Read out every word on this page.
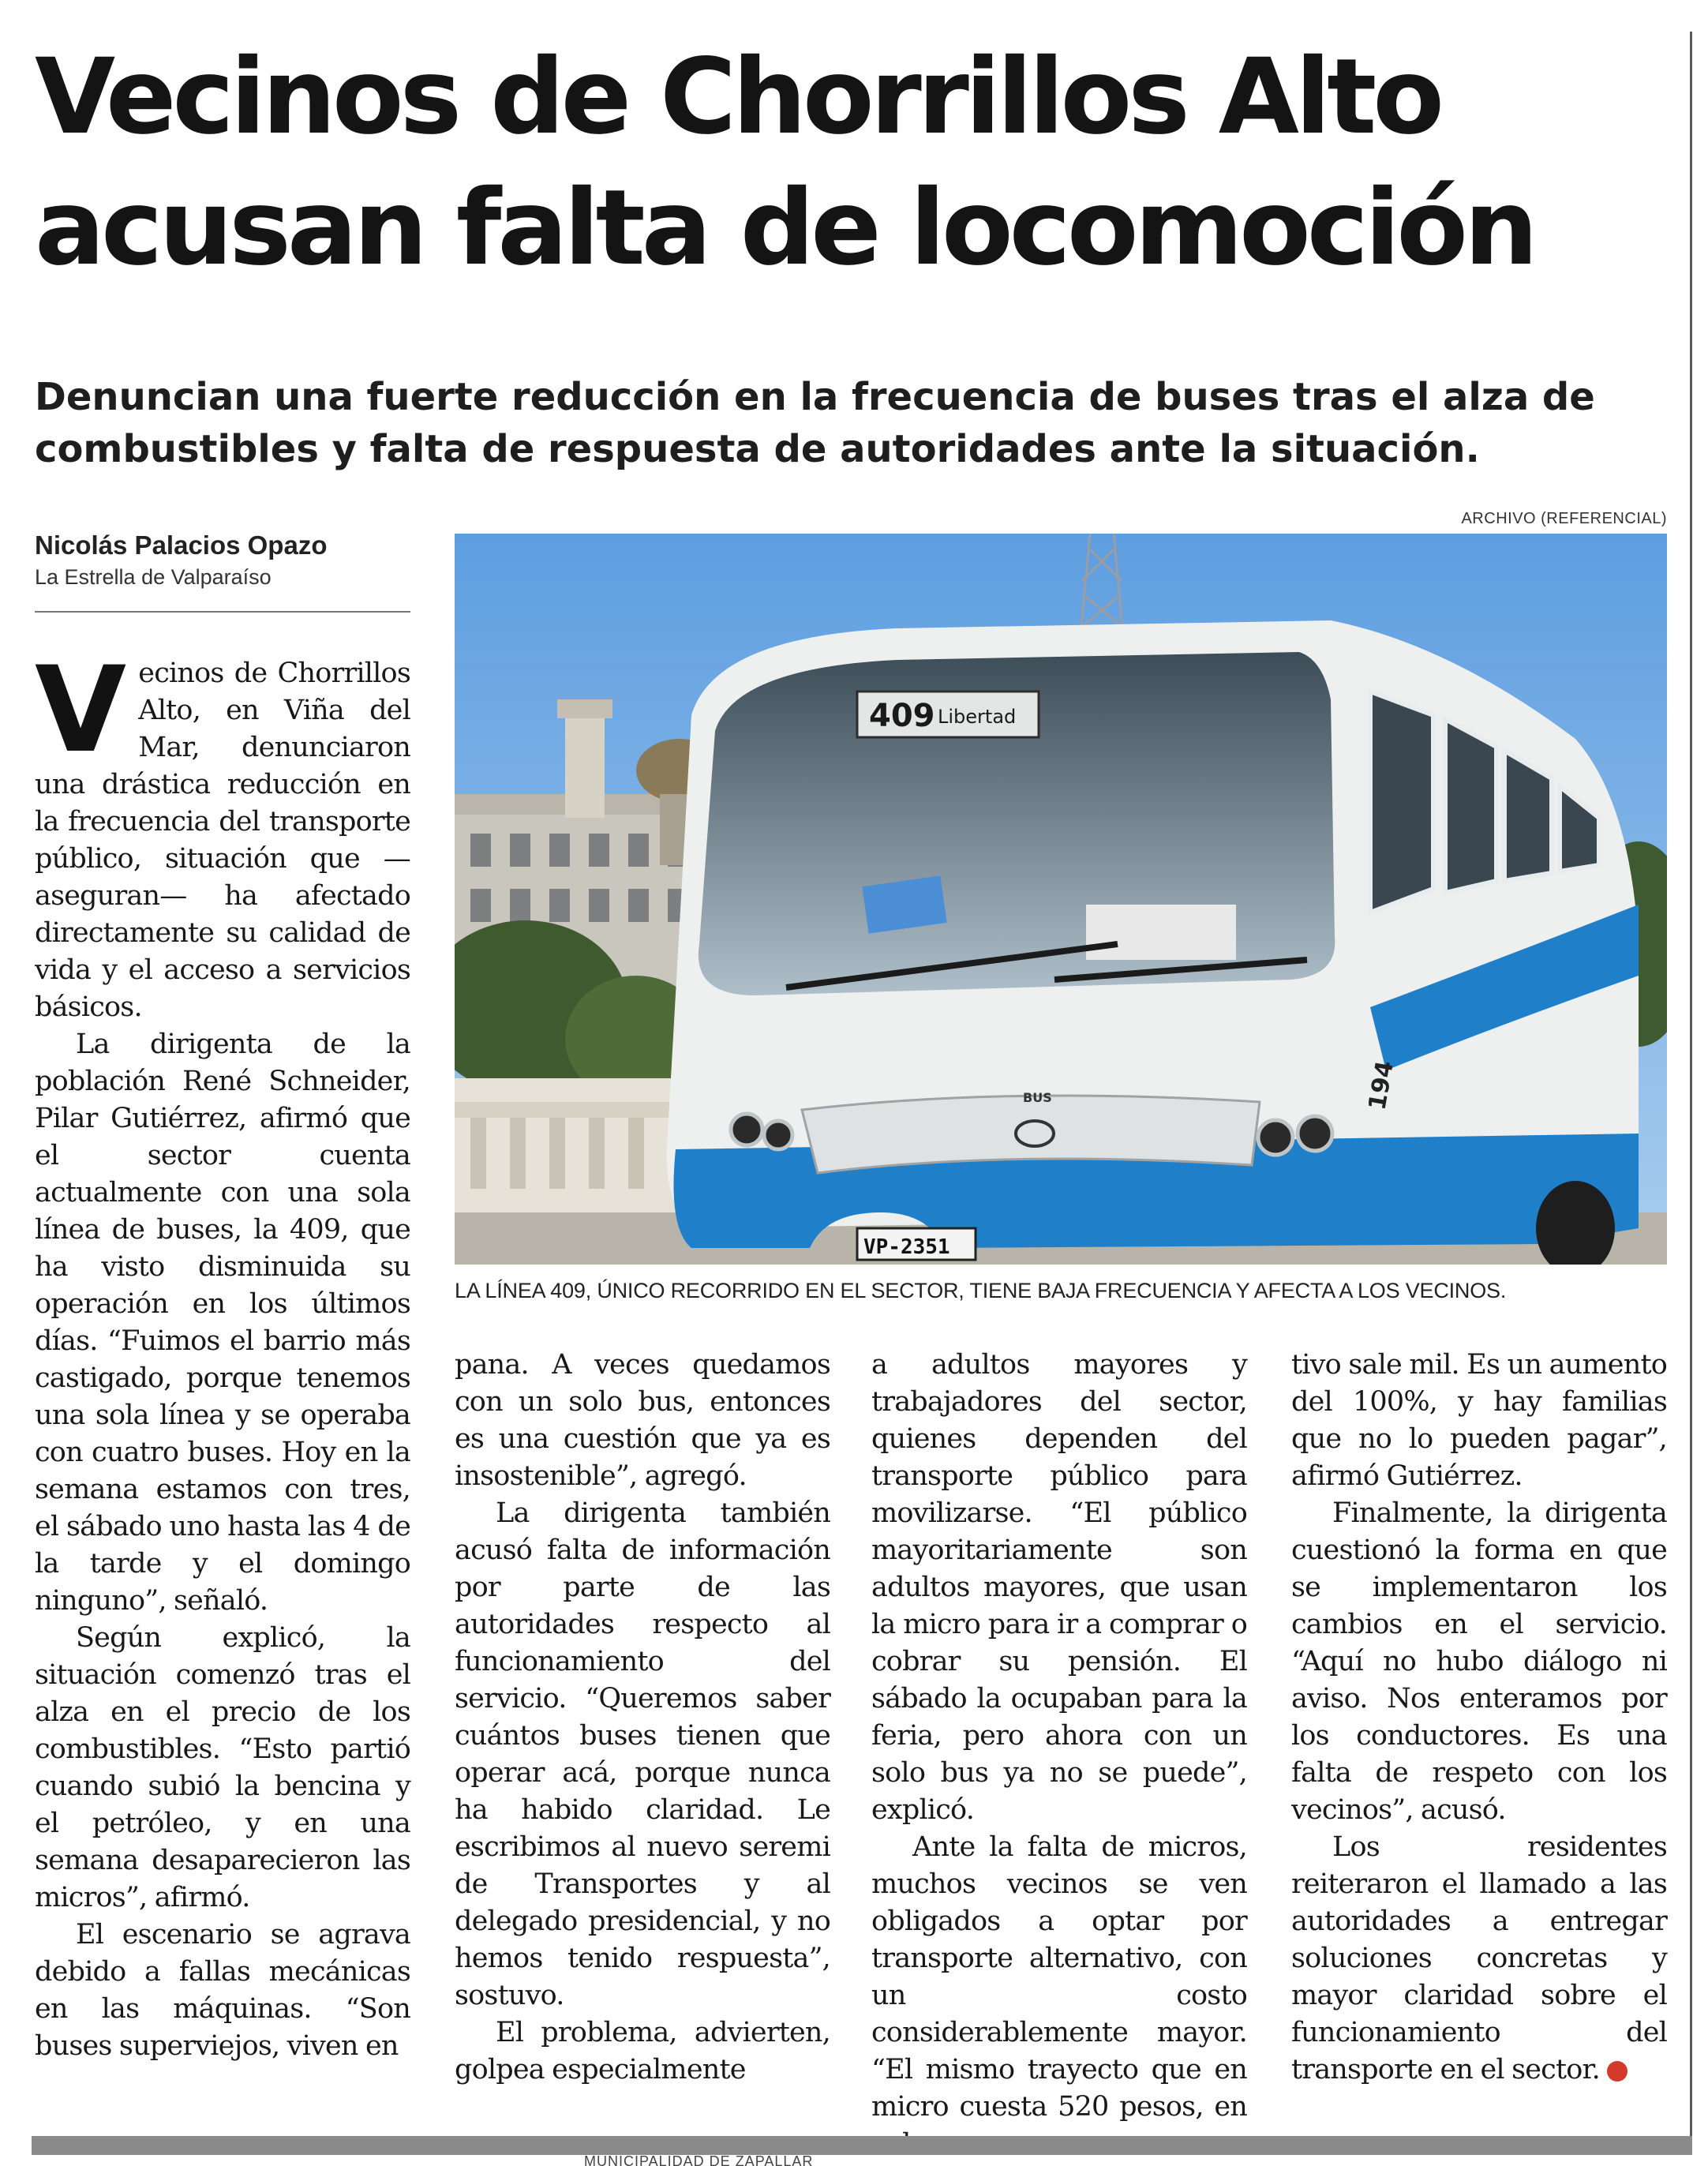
Vecinos de Chorrillos Alto
acusan falta de locomoción

Denuncian una fuerte reducción en la frecuencia de buses tras el alza de combustibles y falta de respuesta de autoridades ante la situación.

ARCHIVO (REFERENCIAL)
Nicolás Palacios Opazo
La Estrella de Valparaíso
409 Libertad
BUS	194
VP-2351
LA LÍNEA 409, ÚNICO RECORRIDO EN EL SECTOR, TIENE BAJA FRECUENCIA Y AFECTA A LOS VECINOS.

Vecinos de Chorrillos Alto, en Viña del Mar, denunciaron una drástica reducción en la frecuencia del transporte público, situación que —aseguran— ha afectado directamente su calidad de vida y el acceso a servicios básicos.

La dirigenta de la población René Schneider, Pilar Gutiérrez, afirmó que el sector cuenta actualmente con una sola línea de buses, la 409, que ha visto disminuida su operación en los últimos días. “Fuimos el barrio más castigado, porque tenemos una sola línea y se operaba con cuatro buses. Hoy en la semana estamos con tres, el sábado uno hasta las 4 de la tarde y el domingo ninguno”, señaló.

Según explicó, la situación comenzó tras el alza en el precio de los combustibles. “Esto partió cuando subió la bencina y el petróleo, y en una semana desaparecieron las micros”, afirmó.

El escenario se agrava debido a fallas mecánicas en las máquinas. “Son buses superviejos, viven en

pana. A veces quedamos con un solo bus, entonces es una cuestión que ya es insostenible”, agregó.

La dirigenta también acusó falta de información por parte de las autoridades respecto al funcionamiento del servicio. “Queremos saber cuántos buses tienen que operar acá, porque nunca ha habido claridad. Le escribimos al nuevo seremi de Transportes y al delegado presidencial, y no hemos tenido respuesta”, sostuvo.

El problema, advierten, golpea especialmente

a adultos mayores y trabajadores del sector, quienes dependen del transporte público para movilizarse. “El público mayoritariamente son adultos mayores, que usan la micro para ir a comprar o cobrar su pensión. El sábado la ocupaban para la feria, pero ahora con un solo bus ya no se puede”, explicó.

Ante la falta de micros, muchos vecinos se ven obligados a optar por transporte alternativo, con un costo considerablemente mayor. “El mismo trayecto que en micro cuesta 520 pesos, en

tivo sale mil. Es un aumento del 100%, y hay familias que no lo pueden pagar”, afirmó Gutiérrez.

Finalmente, la dirigenta cuestionó la forma en que se implementaron los cambios en el servicio. “Aquí no hubo diálogo ni aviso. Nos enteramos por los conductores. Es una falta de respeto con los vecinos”, acusó.

Los residentes reiteraron el llamado a las autoridades a entregar soluciones concretas y mayor claridad sobre el funcionamiento del transporte en el sector.	✪

MUNICIPALIDAD DE ZAPALLAR
